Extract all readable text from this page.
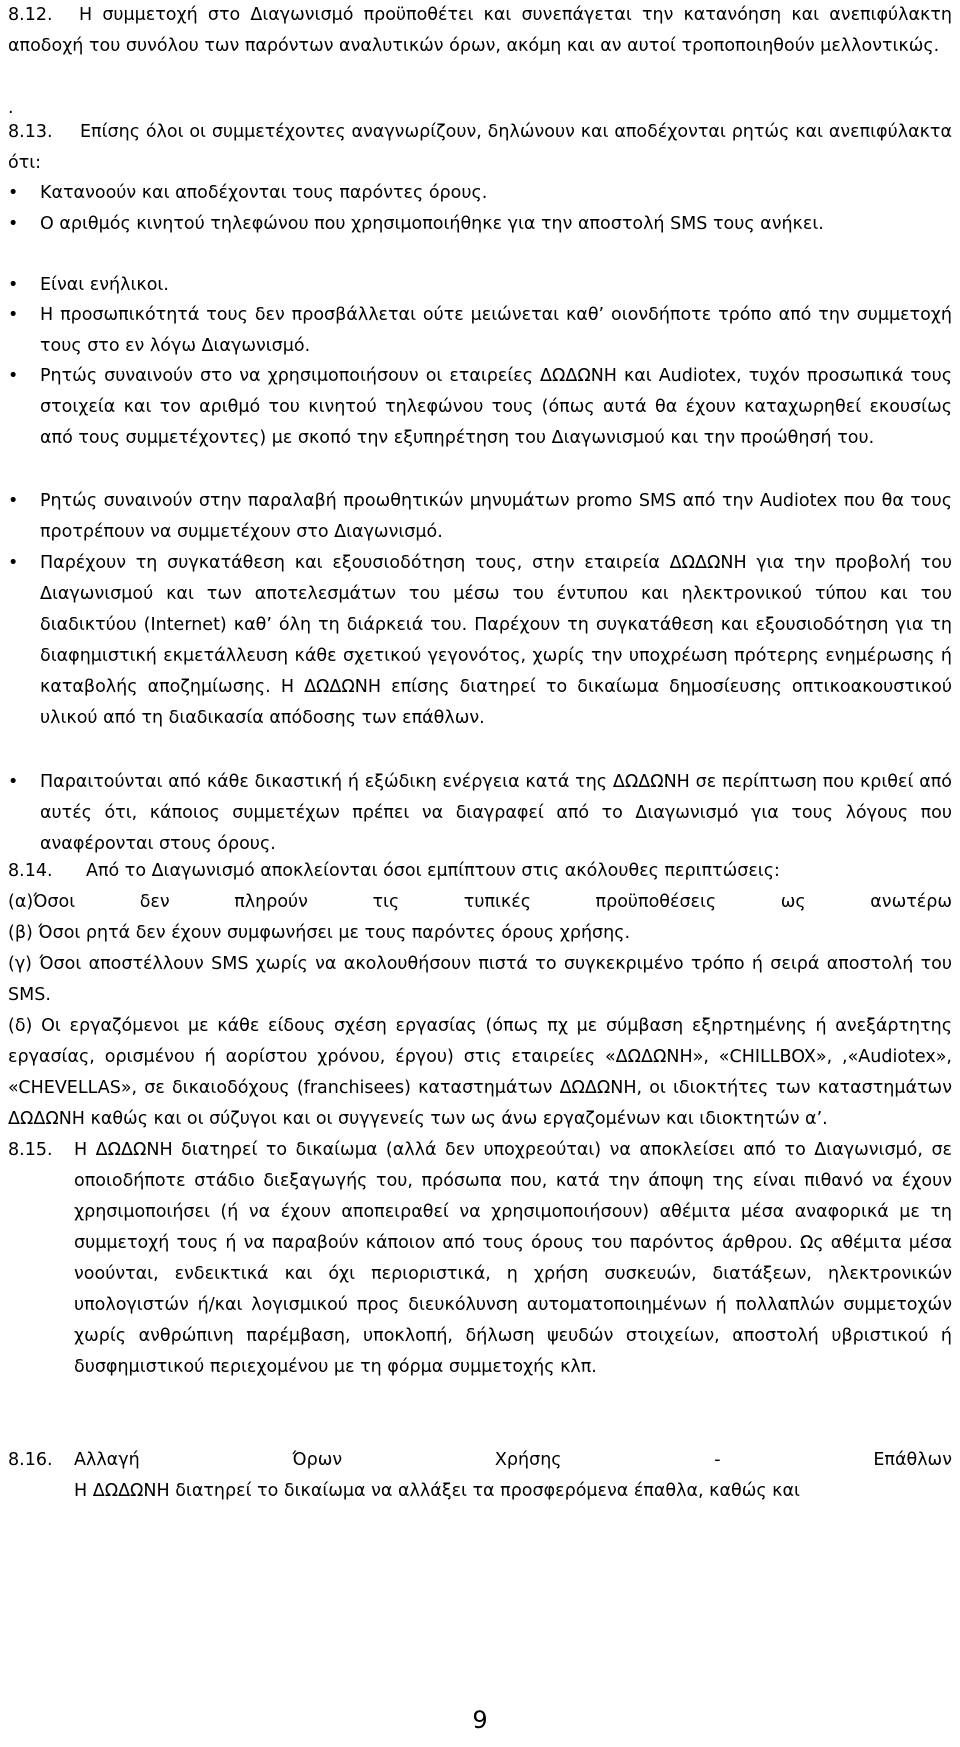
8.12.	Η συμμετοχή στο Διαγωνισμό προϋποθέτει και συνεπάγεται την κατανόηση και ανεπιφύλακτη αποδοχή του συνόλου των παρόντων αναλυτικών όρων, ακόμη και αν αυτοί τροποποιηθούν μελλοντικώς.
.
8.13.	Επίσης όλοι οι συμμετέχοντες αναγνωρίζουν, δηλώνουν και αποδέχονται ρητώς και ανεπιφύλακτα ότι:
• Κατανοούν και αποδέχονται τους παρόντες όρους.
• Ο αριθμός κινητού τηλεφώνου που χρησιμοποιήθηκε για την αποστολή SMS τους ανήκει.
• Είναι ενήλικοι.
• Η προσωπικότητά τους δεν προσβάλλεται ούτε μειώνεται καθ’ οιονδήποτε τρόπο από την συμμετοχή τους στο εν λόγω Διαγωνισμό.
• Ρητώς συναινούν στο να χρησιμοποιήσουν οι εταιρείες ΔΩΔΩΝΗ και Audiotex, τυχόν προσωπικά τους στοιχεία και τον αριθμό του κινητού τηλεφώνου τους (όπως αυτά θα έχουν καταχωρηθεί εκουσίως από τους συμμετέχοντες) με σκοπό την εξυπηρέτηση του Διαγωνισμού και την προώθησή του.
• Ρητώς συναινούν στην παραλαβή προωθητικών μηνυμάτων promo SMS από την Audiotex που θα τους προτρέπουν να συμμετέχουν στο Διαγωνισμό.
• Παρέχουν τη συγκατάθεση και εξουσιοδότηση τους, στην εταιρεία ΔΩΔΩΝΗ για την προβολή του Διαγωνισμού και των αποτελεσμάτων του μέσω του έντυπου και ηλεκτρονικού τύπου και του διαδικτύου (Internet) καθ’ όλη τη διάρκειά του. Παρέχουν τη συγκατάθεση και εξουσιοδότηση για τη διαφημιστική εκμετάλλευση κάθε σχετικού γεγονότος, χωρίς την υποχρέωση πρότερης ενημέρωσης ή καταβολής αποζημίωσης. Η ΔΩΔΩΝΗ επίσης διατηρεί το δικαίωμα δημοσίευσης οπτικοακουστικού υλικού από τη διαδικασία απόδοσης των επάθλων.
• Παραιτούνται από κάθε δικαστική ή εξώδικη ενέργεια κατά της ΔΩΔΩΝΗ σε περίπτωση που κριθεί από αυτές ότι, κάποιος συμμετέχων πρέπει να διαγραφεί από το Διαγωνισμό για τους λόγους που αναφέρονται στους όρους.
8.14.	Από το Διαγωνισμό αποκλείονται όσοι εμπίπτουν στις ακόλουθες περιπτώσεις:
(α)Όσοι δεν πληρούν τις τυπικές προϋποθέσεις ως ανωτέρω
(β) Όσοι ρητά δεν έχουν συμφωνήσει με τους παρόντες όρους χρήσης.
(γ) Όσοι αποστέλλουν SMS χωρίς να ακολουθήσουν πιστά το συγκεκριμένο τρόπο ή σειρά αποστολή του SMS.
(δ) Οι εργαζόμενοι με κάθε είδους σχέση εργασίας (όπως πχ με σύμβαση εξηρτημένης ή ανεξάρτητης εργασίας, ορισμένου ή αορίστου χρόνου, έργου) στις εταιρείες «ΔΩΔΩΝΗ», «CHILLBOX», ,«Audiotex», «CHEVELLAS», σε δικαιοδόχους (franchisees) καταστημάτων ΔΩΔΩΝΗ, οι ιδιοκτήτες των καταστημάτων ΔΩΔΩΝΗ καθώς και οι σύζυγοι και οι συγγενείς των ως άνω εργαζομένων και ιδιοκτητών α’.
8.15. Η ΔΩΔΩΝΗ διατηρεί το δικαίωμα (αλλά δεν υποχρεούται) να αποκλείσει από το Διαγωνισμό, σε οποιοδήποτε στάδιο διεξαγωγής του, πρόσωπα που, κατά την άποψη της είναι πιθανό να έχουν χρησιμοποιήσει (ή να έχουν αποπειραθεί να χρησιμοποιήσουν) αθέμιτα μέσα αναφορικά με τη συμμετοχή τους ή να παραβούν κάποιον από τους όρους του παρόντος άρθρου. Ως αθέμιτα μέσα νοούνται, ενδεικτικά και όχι περιοριστικά, η χρήση συσκευών, διατάξεων, ηλεκτρονικών υπολογιστών ή/και λογισμικού προς διευκόλυνση αυτοματοποιημένων ή πολλαπλών συμμετοχών χωρίς ανθρώπινη παρέμβαση, υποκλοπή, δήλωση ψευδών στοιχείων, αποστολή υβριστικού ή δυσφημιστικού περιεχομένου με τη φόρμα συμμετοχής κλπ.
8.16. Αλλαγή Όρων Χρήσης - Επάθλων
Η ΔΩΔΩΝΗ διατηρεί το δικαίωμα να αλλάξει τα προσφερόμενα έπαθλα, καθώς και
9
